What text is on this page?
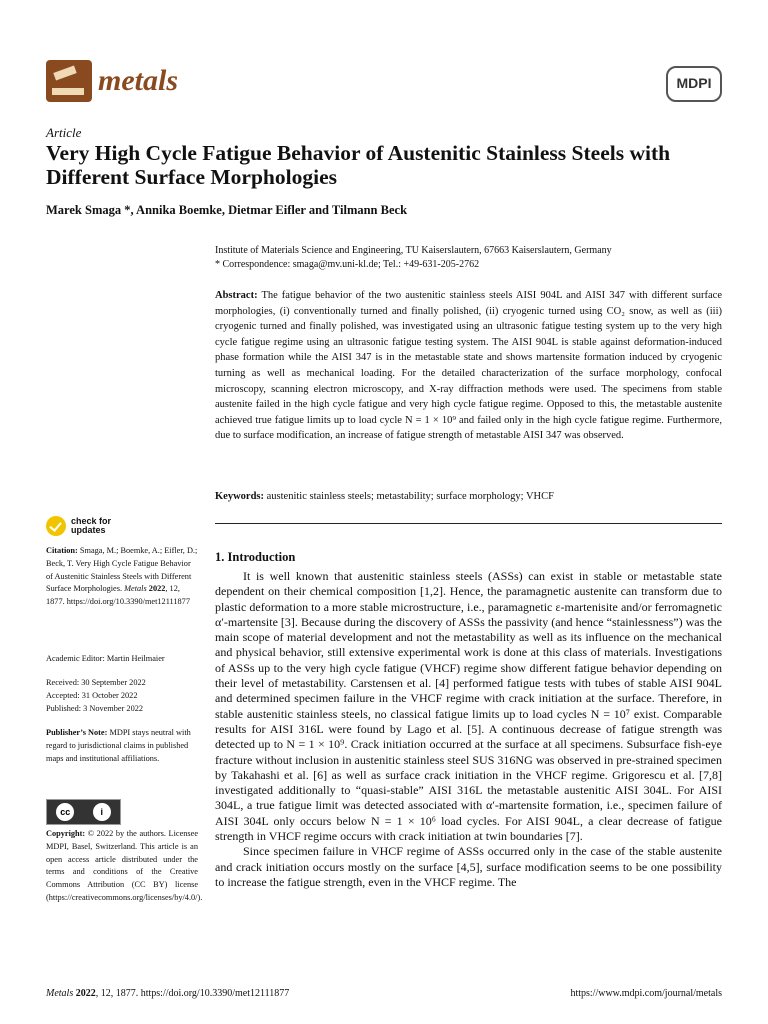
metals	MDPI
Article
Very High Cycle Fatigue Behavior of Austenitic Stainless Steels with Different Surface Morphologies
Marek Smaga *, Annika Boemke, Dietmar Eifler and Tilmann Beck
Institute of Materials Science and Engineering, TU Kaiserslautern, 67663 Kaiserslautern, Germany
* Correspondence: smaga@mv.uni-kl.de; Tel.: +49-631-205-2762
Abstract: The fatigue behavior of the two austenitic stainless steels AISI 904L and AISI 347 with different surface morphologies, (i) conventionally turned and finally polished, (ii) cryogenic turned using CO₂ snow, as well as (iii) cryogenic turned and finally polished, was investigated using an ultrasonic fatigue testing system up to the very high cycle fatigue regime using an ultrasonic fatigue testing system. The AISI 904L is stable against deformation-induced phase formation while the AISI 347 is in the metastable state and shows martensite formation induced by cryogenic turning as well as mechanical loading. For the detailed characterization of the surface morphology, confocal microscopy, scanning electron microscopy, and X-ray diffraction methods were used. The specimens from stable austenite failed in the high cycle fatigue and very high cycle fatigue regime. Opposed to this, the metastable austenite achieved true fatigue limits up to load cycle N = 1 × 10⁹ and failed only in the high cycle fatigue regime. Furthermore, due to surface modification, an increase of fatigue strength of metastable AISI 347 was observed.
Keywords: austenitic stainless steels; metastability; surface morphology; VHCF
1. Introduction

It is well known that austenitic stainless steels (ASSs) can exist in stable or metastable state dependent on their chemical composition [1,2]. Hence, the paramagnetic austenite can transform due to plastic deformation to a more stable microstructure, i.e., paramagnetic ε-martenisite and/or ferromagnetic α′-martensite [3]. Because during the discovery of ASSs the passivity (and hence “stainlessness”) was the main scope of material development and not the metastability as well as its influence on the mechanical and physical behavior, still extensive experimental work is done at this class of materials. Investigations of ASSs up to the very high cycle fatigue (VHCF) regime show different fatigue behavior depending on their level of metastability. Carstensen et al. [4] performed fatigue tests with tubes of stable AISI 904L and determined specimen failure in the VHCF regime with crack initiation at the surface. Therefore, in stable austenitic stainless steels, no classical fatigue limits up to load cycles N = 10⁷ exist. Comparable results for AISI 316L were found by Lago et al. [5]. A continuous decrease of fatigue strength was detected up to N = 1 × 10⁹. Crack initiation occurred at the surface at all specimens. Subsurface fish-eye fracture without inclusion in austenitic stainless steel SUS 316NG was observed in pre-strained specimen by Takahashi et al. [6] as well as surface crack initiation in the VHCF regime. Grigorescu et al. [7,8] investigated additionally to “quasi-stable” AISI 316L the metastable austenitic AISI 304L. For AISI 304L, a true fatigue limit was detected associated with α′-martensite formation, i.e., specimen failure of AISI 304L only occurs below N = 1 × 10⁶ load cycles. For AISI 904L, a clear decrease of fatigue strength in VHCF regime occurs with crack initiation at twin boundaries [7].

Since specimen failure in VHCF regime of ASSs occurred only in the case of the stable austenite and crack initiation occurs mostly on the surface [4,5], surface modification seems to be one possibility to increase the fatigue strength, even in the VHCF regime. The

check for
updates
Citation: Smaga, M.; Boemke, A.; Eifler, D.; Beck, T. Very High Cycle Fatigue Behavior of Austenitic Stainless Steels with Different Surface Morphologies. Metals 2022, 12, 1877. https://doi.org/10.3390/met12111877
Academic Editor: Martin Heilmaier
Received: 30 September 2022
Accepted: 31 October 2022
Published: 3 November 2022
Publisher’s Note: MDPI stays neutral with regard to jurisdictional claims in published maps and institutional affiliations.
cc	i
Copyright: © 2022 by the authors. Licensee MDPI, Basel, Switzerland. This article is an open access article distributed under the terms and conditions of the Creative Commons Attribution (CC BY) license (https://creativecommons.org/licenses/by/4.0/).
Metals 2022, 12, 1877. https://doi.org/10.3390/met12111877	https://www.mdpi.com/journal/metals
